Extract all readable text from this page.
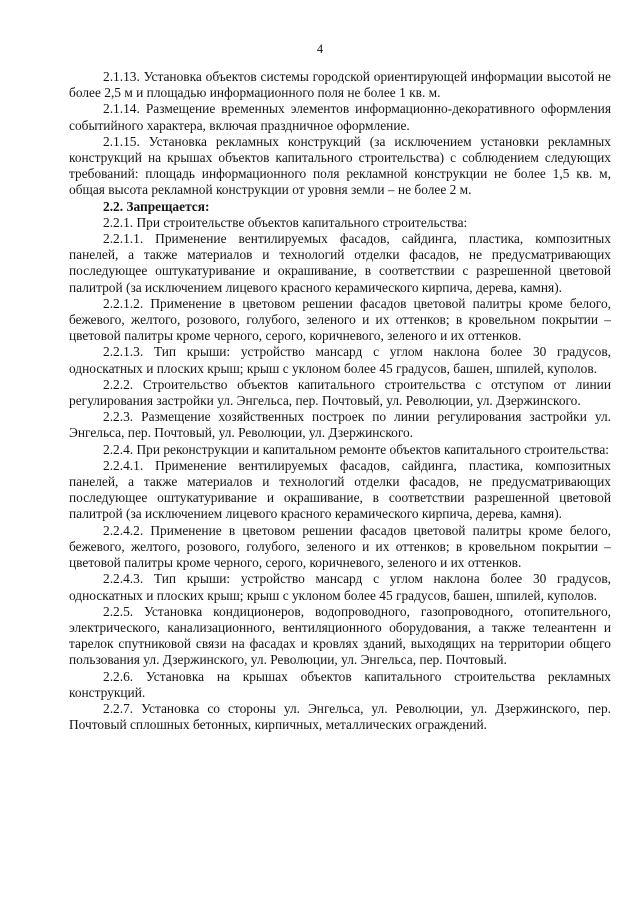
4

2.1.13. Установка объектов системы городской ориентирующей информации высотой не более 2,5 м и площадью информационного поля не более 1 кв. м.

2.1.14. Размещение временных элементов информационно-декоративного оформления событийного характера, включая праздничное оформление.

2.1.15. Установка рекламных конструкций (за исключением установки рекламных конструкций на крышах объектов капитального строительства) с соблюдением следующих требований: площадь информационного поля рекламной конструкции не более 1,5 кв. м, общая высота рекламной конструкции от уровня земли – не более 2 м.

2.2. Запрещается:

2.2.1. При строительстве объектов капитального строительства:

2.2.1.1. Применение вентилируемых фасадов, сайдинга, пластика, композитных панелей, а также материалов и технологий отделки фасадов, не предусматривающих последующее оштукатуривание и окрашивание, в соответствии с разрешенной цветовой палитрой (за исключением лицевого красного керамического кирпича, дерева, камня).

2.2.1.2. Применение в цветовом решении фасадов цветовой палитры кроме белого, бежевого, желтого, розового, голубого, зеленого и их оттенков; в кровельном покрытии – цветовой палитры кроме черного, серого, коричневого, зеленого и их оттенков.

2.2.1.3. Тип крыши: устройство мансард с углом наклона более 30 градусов, односкатных и плоских крыш; крыш с уклоном более 45 градусов, башен, шпилей, куполов.

2.2.2. Строительство объектов капитального строительства с отступом от линии регулирования застройки ул. Энгельса, пер. Почтовый, ул. Революции, ул. Дзержинского.

2.2.3. Размещение хозяйственных построек по линии регулирования застройки ул. Энгельса, пер. Почтовый, ул. Революции, ул. Дзержинского.

2.2.4. При реконструкции и капитальном ремонте объектов капитального строительства:

2.2.4.1. Применение вентилируемых фасадов, сайдинга, пластика, композитных панелей, а также материалов и технологий отделки фасадов, не предусматривающих последующее оштукатуривание и окрашивание, в соответствии разрешенной цветовой палитрой (за исключением лицевого красного керамического кирпича, дерева, камня).

2.2.4.2. Применение в цветовом решении фасадов цветовой палитры кроме белого, бежевого, желтого, розового, голубого, зеленого и их оттенков; в кровельном покрытии – цветовой палитры кроме черного, серого, коричневого, зеленого и их оттенков.

2.2.4.3. Тип крыши: устройство мансард с углом наклона более 30 градусов, односкатных и плоских крыш; крыш с уклоном более 45 градусов, башен, шпилей, куполов.

2.2.5. Установка кондиционеров, водопроводного, газопроводного, отопительного, электрического, канализационного, вентиляционного оборудования, а также телеантенн и тарелок спутниковой связи на фасадах и кровлях зданий, выходящих на территории общего пользования ул. Дзержинского, ул. Революции, ул. Энгельса, пер. Почтовый.

2.2.6. Установка на крышах объектов капитального строительства рекламных конструкций.

2.2.7. Установка со стороны ул. Энгельса, ул. Революции, ул. Дзержинского, пер. Почтовый сплошных бетонных, кирпичных, металлических ограждений.
